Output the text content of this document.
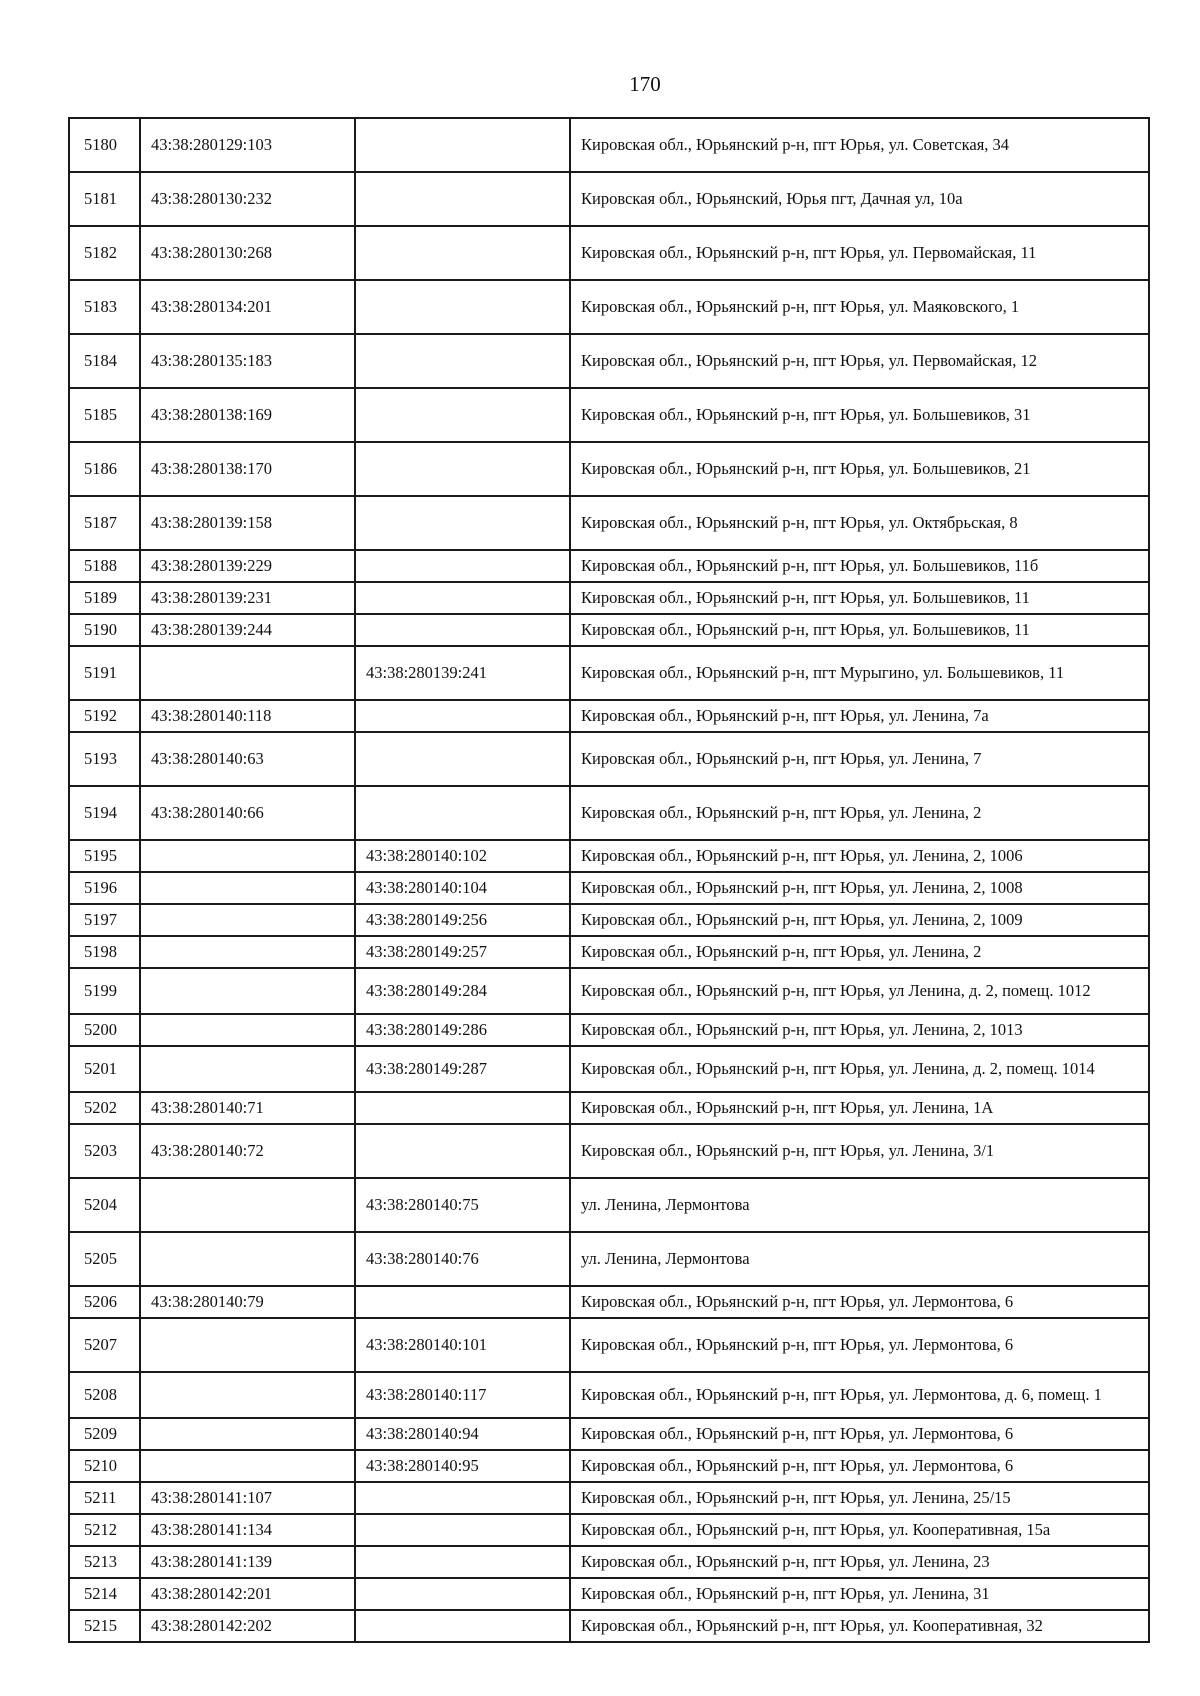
170
5180	43:38:280129:103		Кировская обл., Юрьянский р-н, пгт Юрья, ул. Советская, 34
5181	43:38:280130:232		Кировская обл., Юрьянский, Юрья пгт, Дачная ул, 10а
5182	43:38:280130:268		Кировская обл., Юрьянский р-н, пгт Юрья, ул. Первомайская, 11
5183	43:38:280134:201		Кировская обл., Юрьянский р-н, пгт Юрья, ул. Маяковского, 1
5184	43:38:280135:183		Кировская обл., Юрьянский р-н, пгт Юрья, ул. Первомайская, 12
5185	43:38:280138:169		Кировская обл., Юрьянский р-н, пгт Юрья, ул. Большевиков, 31
5186	43:38:280138:170		Кировская обл., Юрьянский р-н, пгт Юрья, ул. Большевиков, 21
5187	43:38:280139:158		Кировская обл., Юрьянский р-н, пгт Юрья, ул. Октябрьская, 8
5188	43:38:280139:229		Кировская обл., Юрьянский р-н, пгт Юрья, ул. Большевиков, 11б
5189	43:38:280139:231		Кировская обл., Юрьянский р-н, пгт Юрья, ул. Большевиков, 11
5190	43:38:280139:244		Кировская обл., Юрьянский р-н, пгт Юрья, ул. Большевиков, 11
5191		43:38:280139:241	Кировская обл., Юрьянский р-н, пгт Мурыгино, ул. Большевиков, 11
5192	43:38:280140:118		Кировская обл., Юрьянский р-н, пгт Юрья, ул. Ленина, 7а
5193	43:38:280140:63		Кировская обл., Юрьянский р-н, пгт Юрья, ул. Ленина, 7
5194	43:38:280140:66		Кировская обл., Юрьянский р-н, пгт Юрья, ул. Ленина, 2
5195		43:38:280140:102	Кировская обл., Юрьянский р-н, пгт Юрья, ул. Ленина, 2, 1006
5196		43:38:280140:104	Кировская обл., Юрьянский р-н, пгт Юрья, ул. Ленина, 2, 1008
5197		43:38:280149:256	Кировская обл., Юрьянский р-н, пгт Юрья, ул. Ленина, 2, 1009
5198		43:38:280149:257	Кировская обл., Юрьянский р-н, пгт Юрья, ул. Ленина, 2
5199		43:38:280149:284	Кировская обл., Юрьянский р-н, пгт Юрья, ул Ленина, д. 2, помещ. 1012
5200		43:38:280149:286	Кировская обл., Юрьянский р-н, пгт Юрья, ул. Ленина, 2, 1013
5201		43:38:280149:287	Кировская обл., Юрьянский р-н, пгт Юрья, ул. Ленина, д. 2, помещ. 1014
5202	43:38:280140:71		Кировская обл., Юрьянский р-н, пгт Юрья, ул. Ленина, 1А
5203	43:38:280140:72		Кировская обл., Юрьянский р-н, пгт Юрья, ул. Ленина, 3/1
5204		43:38:280140:75	ул. Ленина, Лермонтова
5205		43:38:280140:76	ул. Ленина, Лермонтова
5206	43:38:280140:79		Кировская обл., Юрьянский р-н, пгт Юрья, ул. Лермонтова, 6
5207		43:38:280140:101	Кировская обл., Юрьянский р-н, пгт Юрья, ул. Лермонтова, 6
5208		43:38:280140:117	Кировская обл., Юрьянский р-н, пгт Юрья, ул. Лермонтова, д. 6, помещ. 1
5209		43:38:280140:94	Кировская обл., Юрьянский р-н, пгт Юрья, ул. Лермонтова, 6
5210		43:38:280140:95	Кировская обл., Юрьянский р-н, пгт Юрья, ул. Лермонтова, 6
5211	43:38:280141:107		Кировская обл., Юрьянский р-н, пгт Юрья, ул. Ленина, 25/15
5212	43:38:280141:134		Кировская обл., Юрьянский р-н, пгт Юрья, ул. Кооперативная, 15а
5213	43:38:280141:139		Кировская обл., Юрьянский р-н, пгт Юрья, ул. Ленина, 23
5214	43:38:280142:201		Кировская обл., Юрьянский р-н, пгт Юрья, ул. Ленина, 31
5215	43:38:280142:202		Кировская обл., Юрьянский р-н, пгт Юрья, ул. Кооперативная, 32
